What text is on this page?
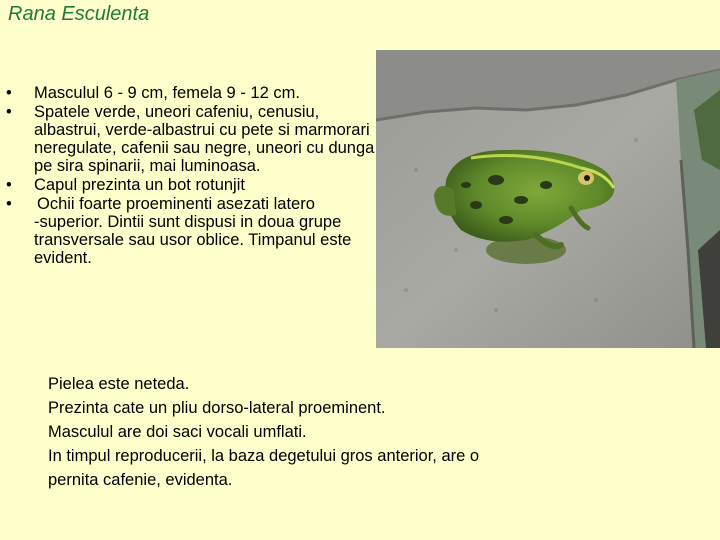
Rana Esculenta
• Masculul 6 - 9 cm, femela 9 - 12 cm.
• Spatele verde, uneori cafeniu, cenusiu, albastrui, verde-albastrui cu pete si marmorari neregulate, cafenii sau negre, uneori cu dunga pe sira spinarii, mai luminoasa.
• Capul prezinta un bot rotunjit
• Ochii foarte proeminenti asezati latero
-superior. Dintii sunt dispusi in doua grupe transversale sau usor oblice. Timpanul este evident.
Pielea este neteda.
Prezinta cate un pliu dorso-lateral proeminent.
Masculul are doi saci vocali umflati.
In timpul reproducerii, la baza degetului gros anterior, are o
pernita cafenie, evidenta.
